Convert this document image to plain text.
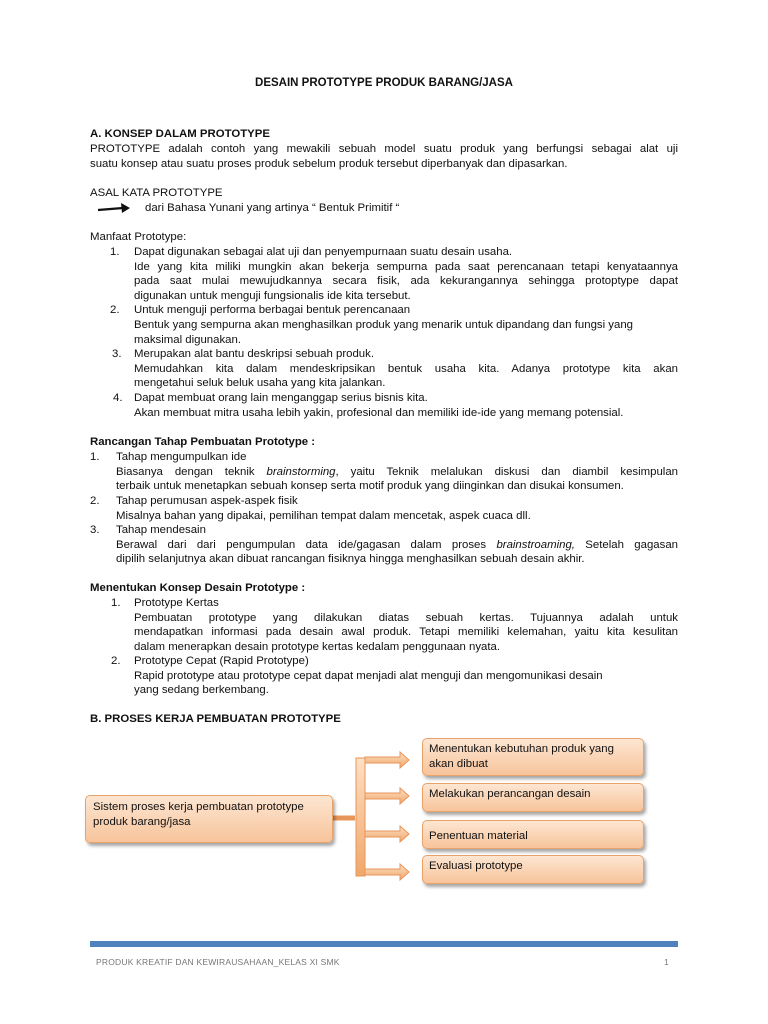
DESAIN PROTOTYPE PRODUK BARANG/JASA
A. KONSEP DALAM PROTOTYPE
PROTOTYPE adalah contoh yang mewakili sebuah model suatu produk yang berfungsi sebagai alat uji
suatu konsep atau suatu proses produk sebelum produk tersebut diperbanyak dan dipasarkan.
ASAL KATA PROTOTYPE
dari Bahasa Yunani yang artinya “ Bentuk Primitif “
Manfaat Prototype:
1. Dapat digunakan sebagai alat uji dan penyempurnaan suatu desain usaha.
Ide yang kita miliki mungkin akan bekerja sempurna pada saat perencanaan tetapi kenyataannya
pada saat mulai mewujudkannya secara fisik, ada kekurangannya sehingga protoptype dapat
digunakan untuk menguji fungsionalis ide kita tersebut.
2. Untuk menguji performa berbagai bentuk perencanaan
Bentuk yang sempurna akan menghasilkan produk yang menarik untuk dipandang dan fungsi yang
maksimal digunakan.
3. Merupakan alat bantu deskripsi sebuah produk.
Memudahkan kita dalam mendeskripsikan bentuk usaha kita. Adanya prototype kita akan
mengetahui seluk beluk usaha yang kita jalankan.
4. Dapat membuat orang lain menganggap serius bisnis kita.
Akan membuat mitra usaha lebih yakin, profesional dan memiliki ide-ide yang memang potensial.
Rancangan Tahap Pembuatan Prototype :
1. Tahap mengumpulkan ide
Biasanya dengan teknik brainstorming, yaitu Teknik melalukan diskusi dan diambil kesimpulan
terbaik untuk menetapkan sebuah konsep serta motif produk yang diinginkan dan disukai konsumen.
2. Tahap perumusan aspek-aspek fisik
Misalnya bahan yang dipakai, pemilihan tempat dalam mencetak, aspek cuaca dll.
3. Tahap mendesain
Berawal dari dari pengumpulan data ide/gagasan dalam proses brainstroaming, Setelah gagasan
dipilih selanjutnya akan dibuat rancangan fisiknya hingga menghasilkan sebuah desain akhir.
Menentukan Konsep Desain Prototype :
1. Prototype Kertas
Pembuatan prototype yang dilakukan diatas sebuah kertas. Tujuannya adalah untuk
mendapatkan informasi pada desain awal produk. Tetapi memiliki kelemahan, yaitu kita kesulitan
dalam menerapkan desain prototype kertas kedalam penggunaan nyata.
2. Prototype Cepat (Rapid Prototype)
Rapid prototype atau prototype cepat dapat menjadi alat menguji dan mengomunikasi desain
yang sedang berkembang.
B. PROSES KERJA PEMBUATAN PROTOTYPE
Sistem proses kerja pembuatan prototype produk barang/jasa
Menentukan kebutuhan produk yang akan dibuat
Melakukan perancangan desain
Penentuan material
Evaluasi prototype
PRODUK KREATIF DAN KEWIRAUSAHAAN_KELAS XI SMK	1
